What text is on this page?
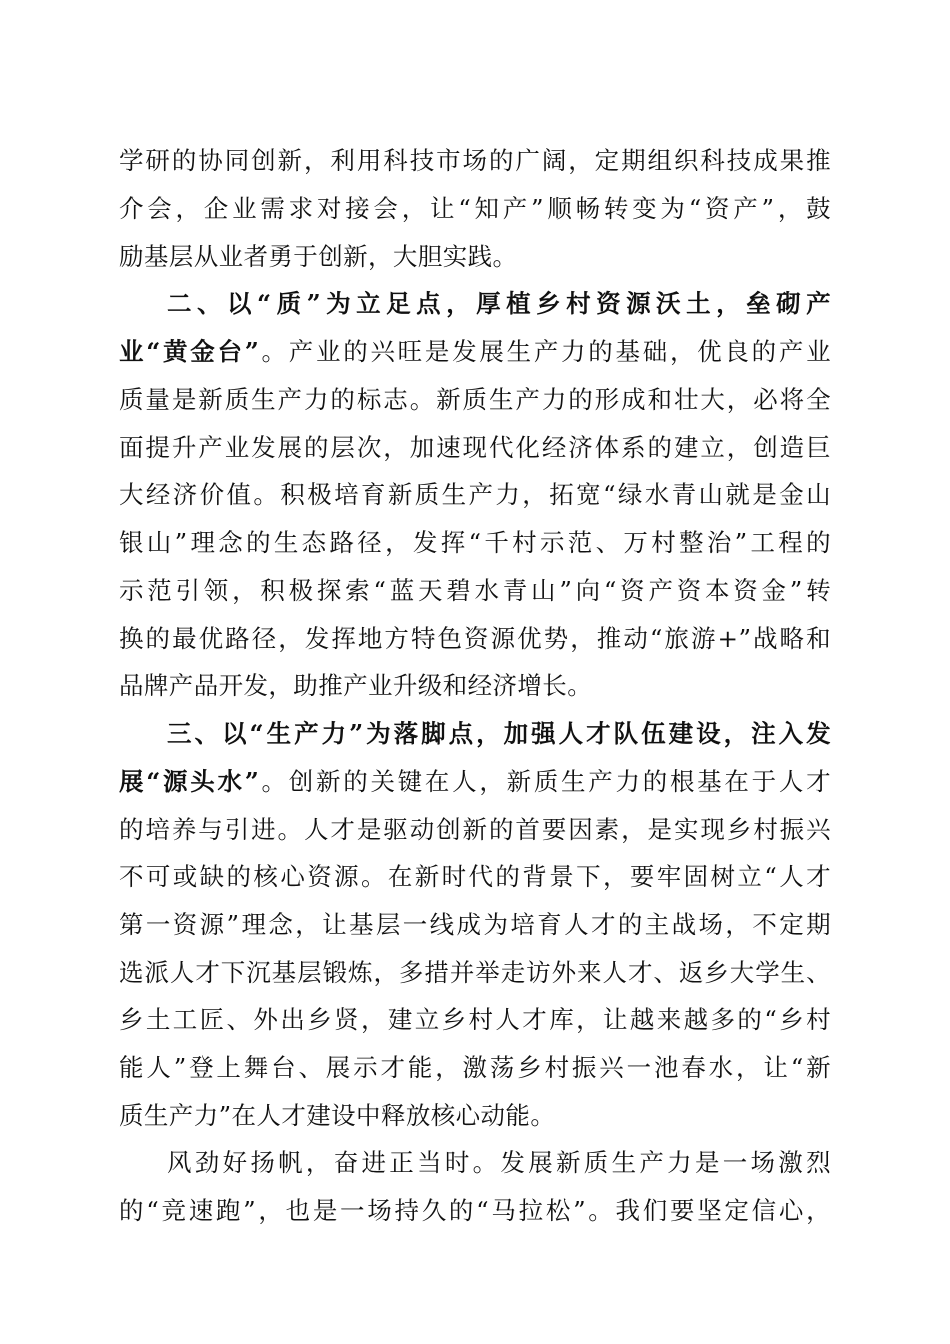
学研的协同创新，利用科技市场的广阔，定期组织科技成果推
介会，企业需求对接会，让“知产”顺畅转变为“资产”，鼓
励基层从业者勇于创新，大胆实践。
二、以“质”为立足点，厚植乡村资源沃土，垒砌产
业“黄金台”。产业的兴旺是发展生产力的基础，优良的产业
质量是新质生产力的标志。新质生产力的形成和壮大，必将全
面提升产业发展的层次，加速现代化经济体系的建立，创造巨
大经济价值。积极培育新质生产力，拓宽“绿水青山就是金山
银山”理念的生态路径，发挥“千村示范、万村整治”工程的
示范引领，积极探索“蓝天碧水青山”向“资产资本资金”转
换的最优路径，发挥地方特色资源优势，推动“旅游+”战略和
品牌产品开发，助推产业升级和经济增长。
三、以“生产力”为落脚点，加强人才队伍建设，注入发
展“源头水”。创新的关键在人，新质生产力的根基在于人才
的培养与引进。人才是驱动创新的首要因素，是实现乡村振兴
不可或缺的核心资源。在新时代的背景下，要牢固树立“人才
第一资源”理念，让基层一线成为培育人才的主战场，不定期
选派人才下沉基层锻炼，多措并举走访外来人才、返乡大学生、
乡土工匠、外出乡贤，建立乡村人才库，让越来越多的“乡村
能人”登上舞台、展示才能，激荡乡村振兴一池春水，让“新
质生产力”在人才建设中释放核心动能。
风劲好扬帆，奋进正当时。发展新质生产力是一场激烈
的“竞速跑”，也是一场持久的“马拉松”。我们要坚定信心，
